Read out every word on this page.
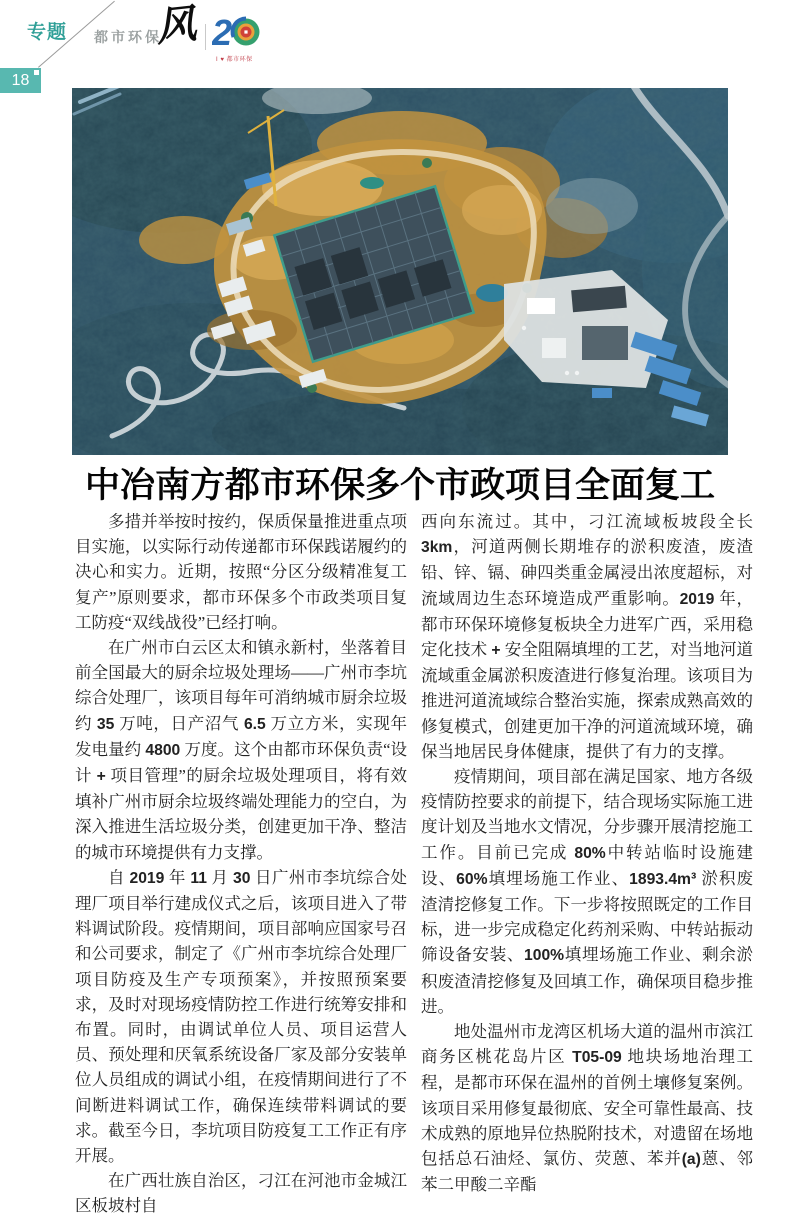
专题
18
都市环保
风 2
I ♥ 都市环保
中冶南方都市环保多个市政项目全面复工

多措并举按时按约，保质保量推进重点项目实施，以实际行动传递都市环保践诺履约的决心和实力。近期，按照“分区分级精准复工复产”原则要求，都市环保多个市政类项目复工防疫“双线战役”已经打响。

在广州市白云区太和镇永新村，坐落着目前全国最大的厨余垃圾处理场——广州市李坑综合处理厂，该项目每年可消纳城市厨余垃圾约 35 万吨，日产沼气 6.5 万立方米，实现年发电量约 4800 万度。这个由都市环保负责“设计 + 项目管理”的厨余垃圾处理项目，将有效填补广州市厨余垃圾终端处理能力的空白，为深入推进生活垃圾分类，创建更加干净、整洁的城市环境提供有力支撑。

自 2019 年 11 月 30 日广州市李坑综合处理厂项目举行建成仪式之后，该项目进入了带料调试阶段。疫情期间，项目部响应国家号召和公司要求，制定了《广州市李坑综合处理厂项目防疫及生产专项预案》，并按照预案要求，及时对现场疫情防控工作进行统筹安排和布置。同时，由调试单位人员、项目运营人员、预处理和厌氧系统设备厂家及部分安装单位人员组成的调试小组，在疫情期间进行了不间断进料调试工作，确保连续带料调试的要求。截至今日，李坑项目防疫复工工作正有序开展。

在广西壮族自治区，刁江在河池市金城江区板坡村自

西向东流过。其中，刁江流域板坡段全长 3km，河道两侧长期堆存的淤积废渣，废渣铅、锌、镉、砷四类重金属浸出浓度超标，对流域周边生态环境造成严重影响。2019 年，都市环保环境修复板块全力进军广西，采用稳定化技术 + 安全阻隔填埋的工艺，对当地河道流域重金属淤积废渣进行修复治理。该项目为推进河道流域综合整治实施，探索成熟高效的修复模式，创建更加干净的河道流域环境，确保当地居民身体健康，提供了有力的支撑。

疫情期间，项目部在满足国家、地方各级疫情防控要求的前提下，结合现场实际施工进度计划及当地水文情况，分步骤开展清挖施工工作。目前已完成 80%中转站临时设施建设、60%填埋场施工作业、1893.4m³ 淤积废渣清挖修复工作。下一步将按照既定的工作目标，进一步完成稳定化药剂采购、中转站振动筛设备安装、100%填埋场施工作业、剩余淤积废渣清挖修复及回填工作，确保项目稳步推进。

地处温州市龙湾区机场大道的温州市滨江商务区桃花岛片区 T05-09 地块场地治理工程，是都市环保在温州的首例土壤修复案例。该项目采用修复最彻底、安全可靠性最高、技术成熟的原地异位热脱附技术，对遗留在场地包括总石油烃、氯仿、荧蒽、苯并(a)蒽、邻苯二甲酸二辛酯
